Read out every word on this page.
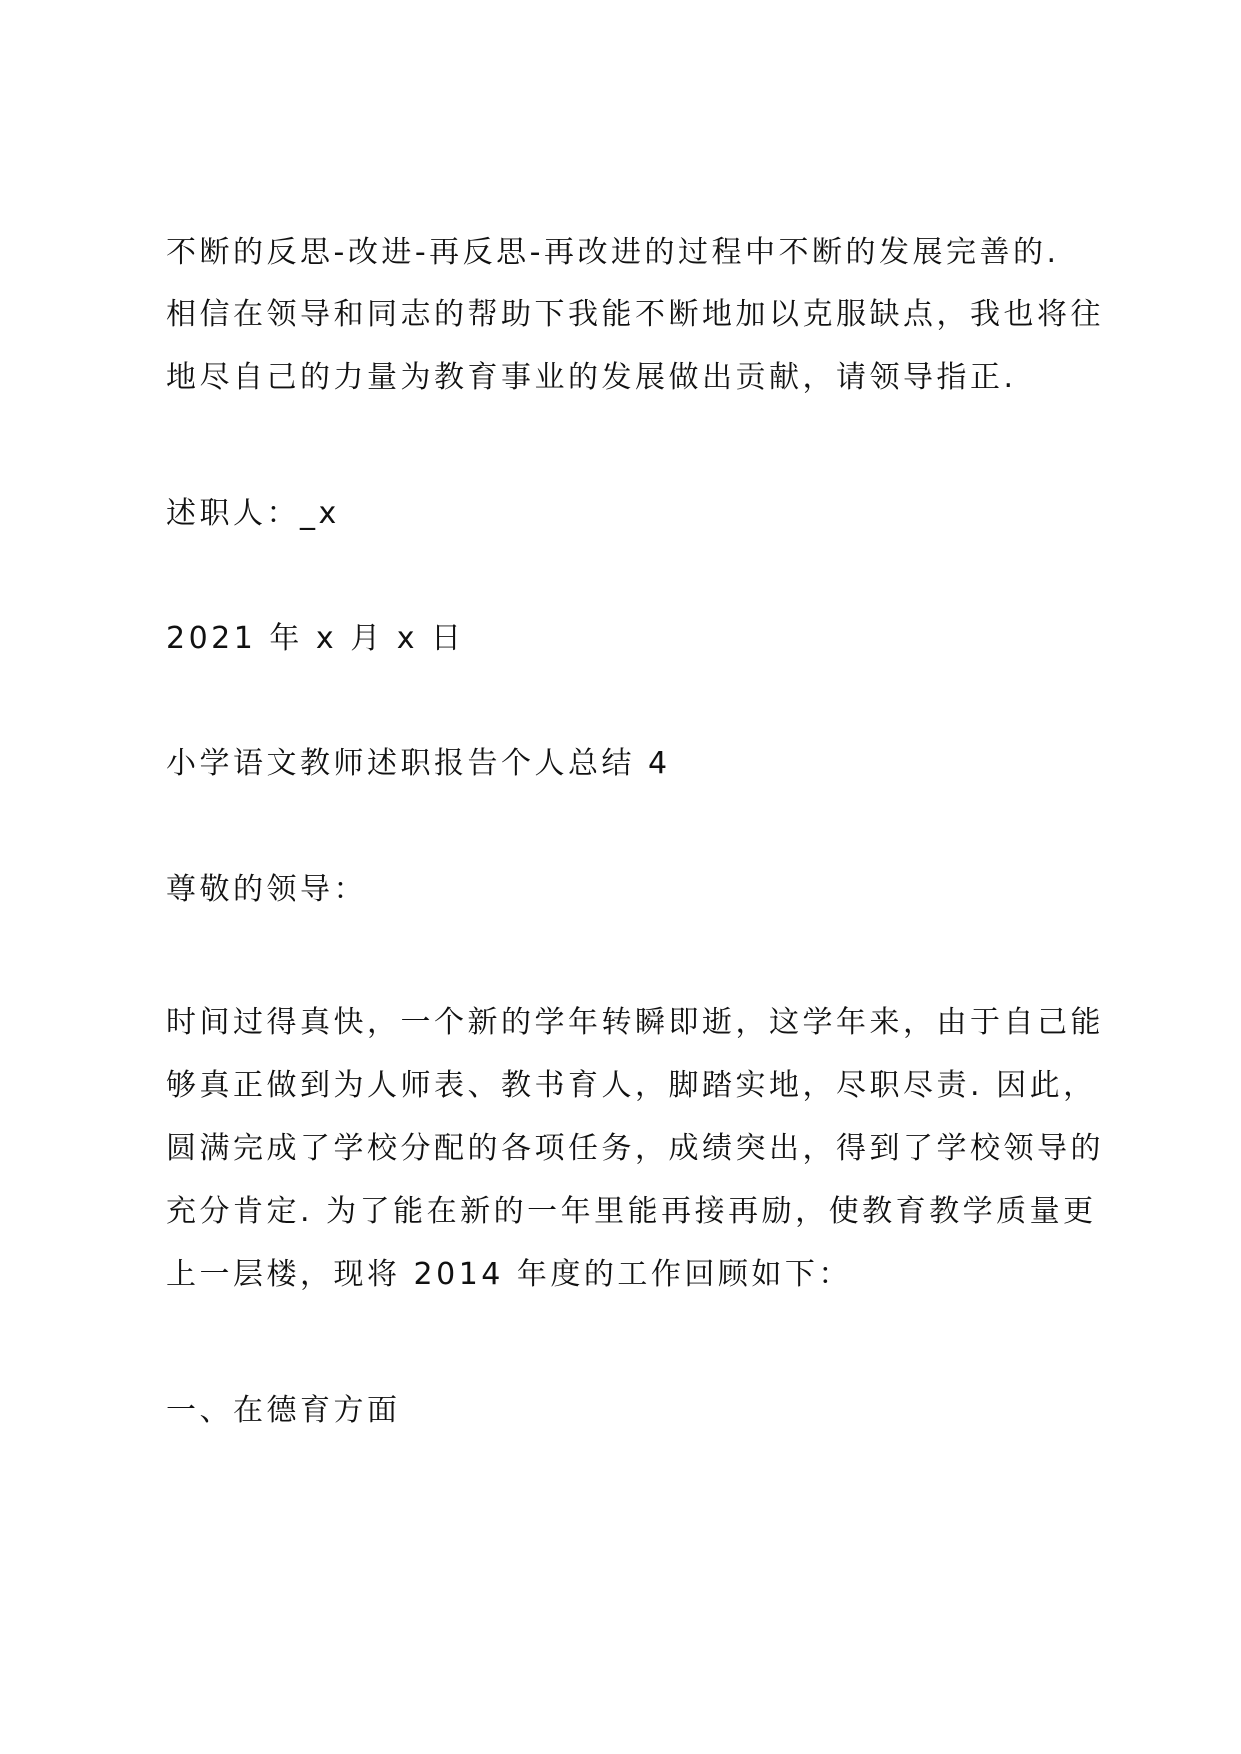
不断的反思-改进-再反思-再改进的过程中不断的发展完善的.
相信在领导和同志的帮助下我能不断地加以克服缺点，我也将往
地尽自己的力量为教育事业的发展做出贡献，请领导指正.
述职人：_x
2021 年 x 月 x 日
小学语文教师述职报告个人总结 4
尊敬的领导：
时间过得真快，一个新的学年转瞬即逝，这学年来，由于自己能
够真正做到为人师表、教书育人，脚踏实地，尽职尽责. 因此，
圆满完成了学校分配的各项任务，成绩突出，得到了学校领导的
充分肯定. 为了能在新的一年里能再接再励，使教育教学质量更
上一层楼，现将 2014 年度的工作回顾如下：
一、在德育方面
